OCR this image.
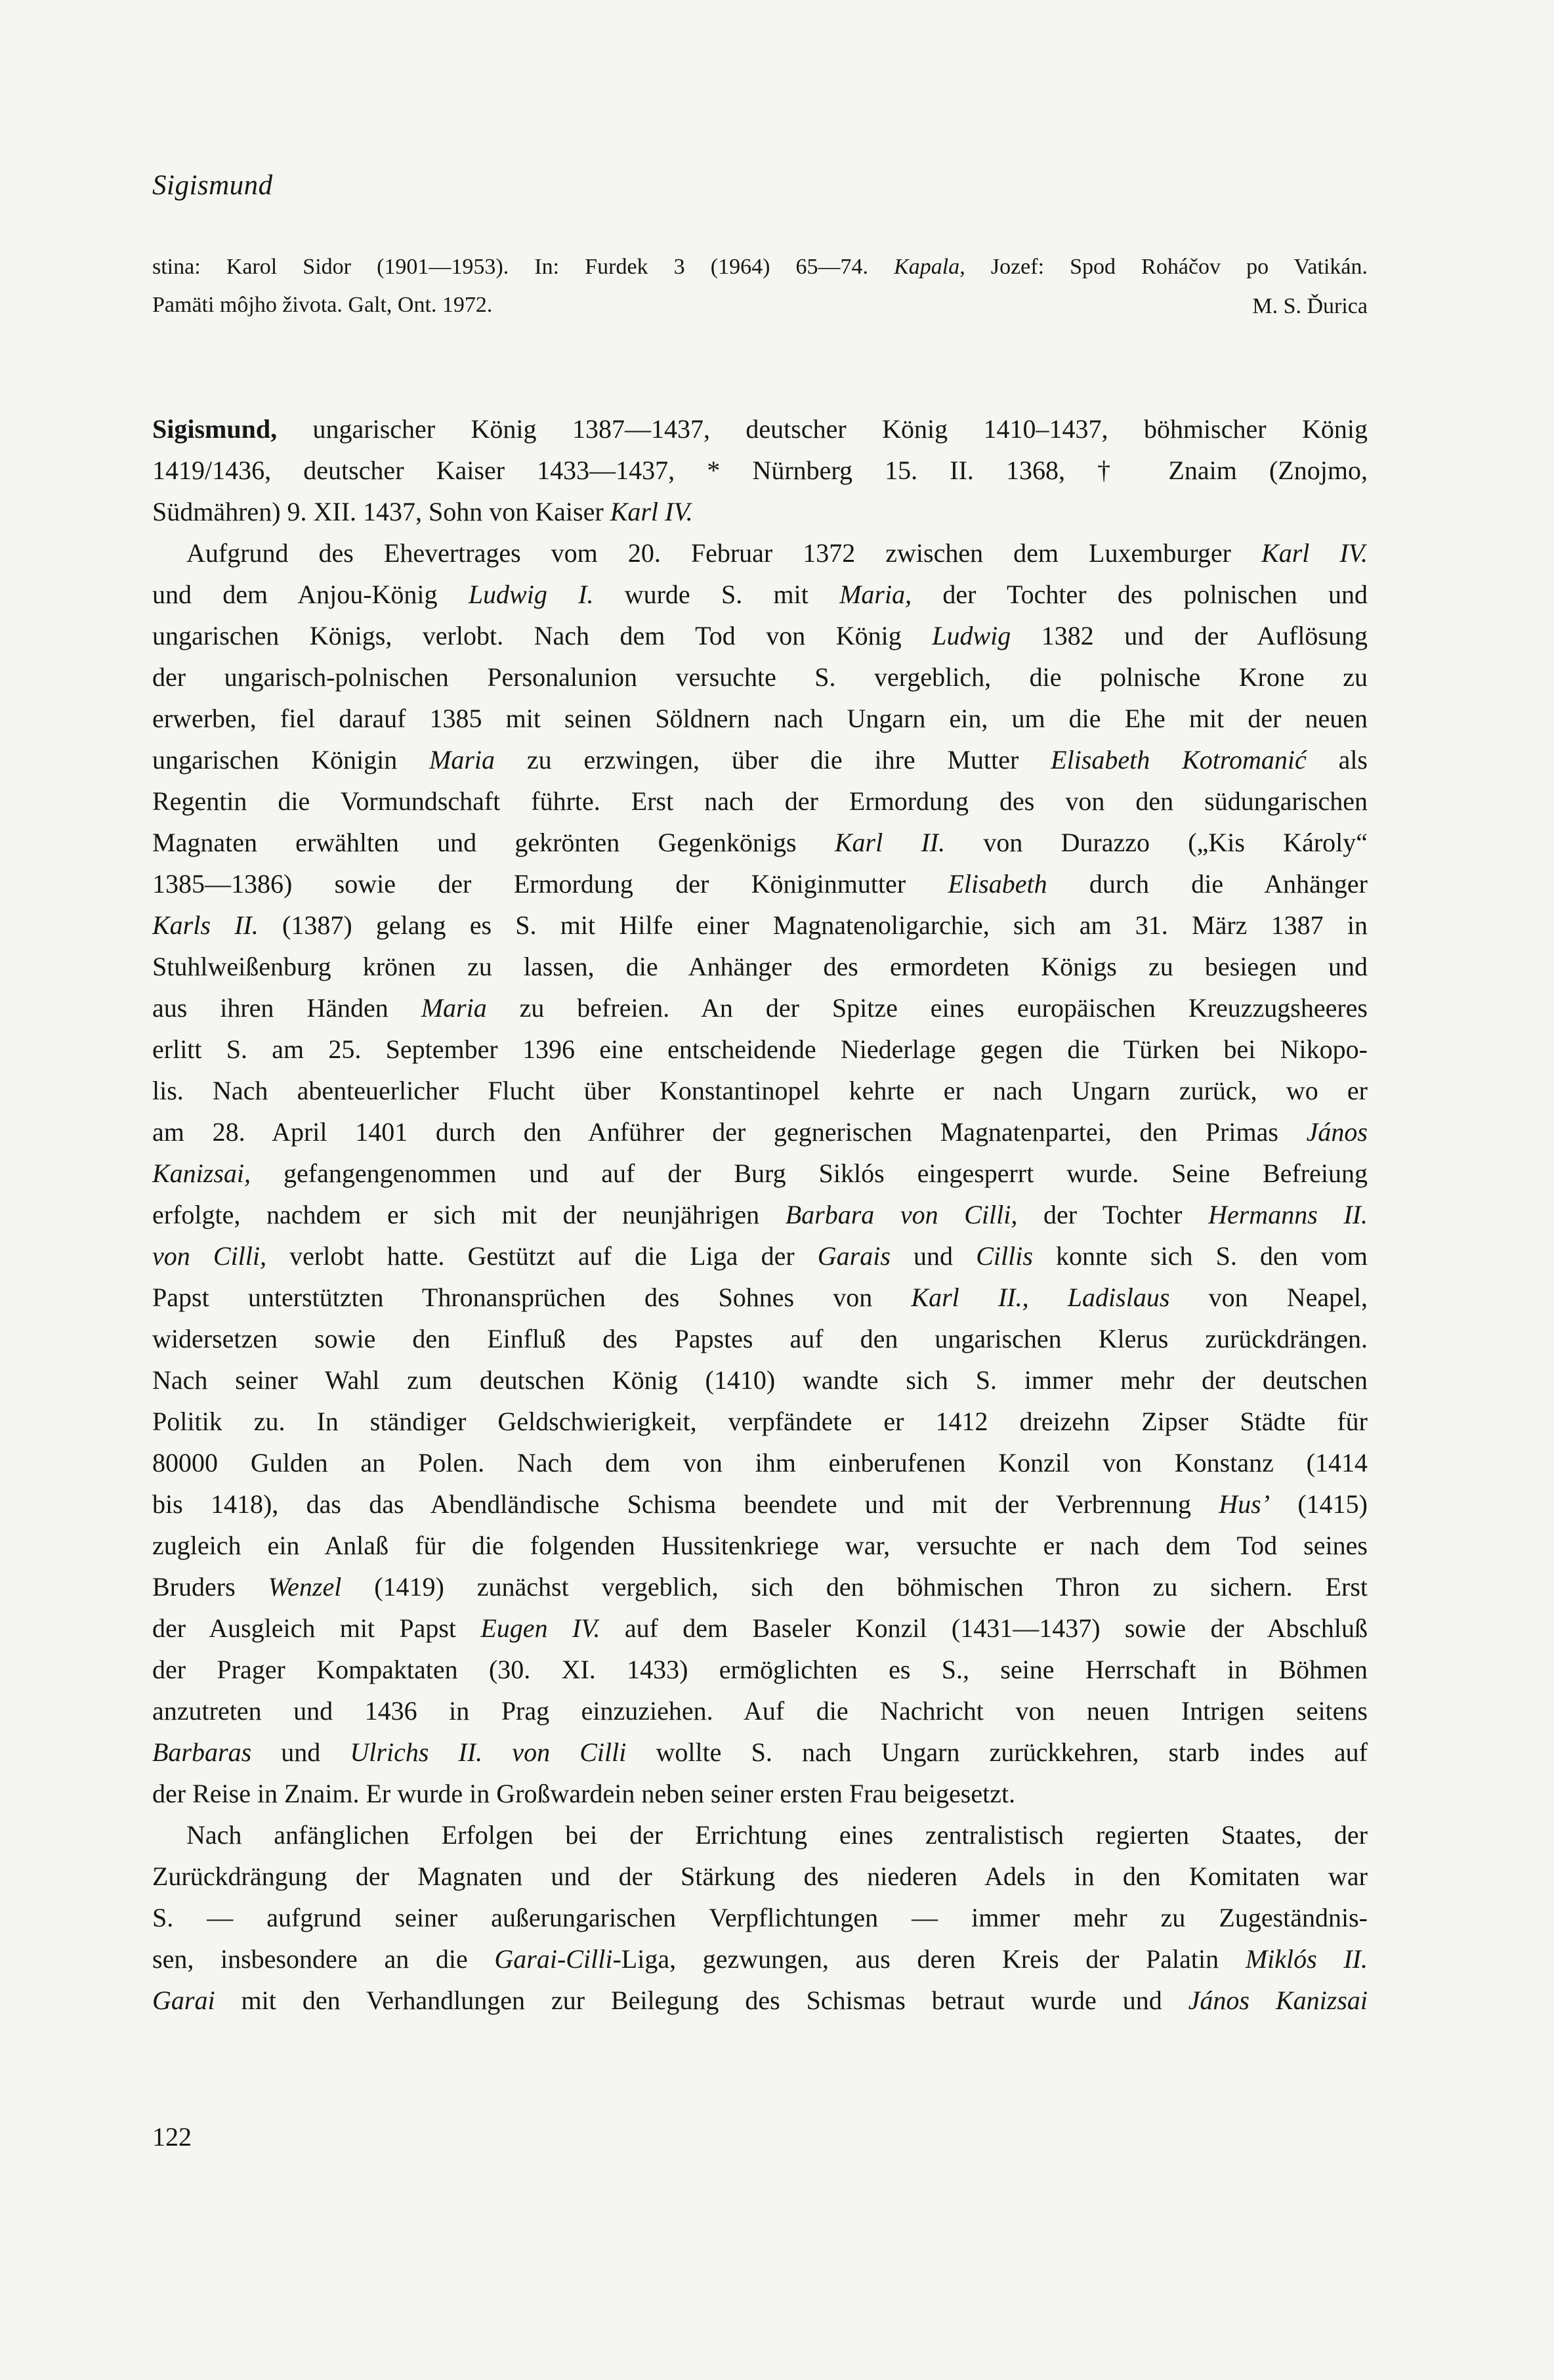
Sigismund
stina: Karol Sidor (1901—1953). In: Furdek 3 (1964) 65—74. Kapala, Jozef: Spod Roháčov po Vatikán.
Pamäti môjho života. Galt, Ont. 1972.	M. S. Ďurica
Sigismund, ungarischer König 1387—1437, deutscher König 1410–1437, böhmischer König
1419/1436, deutscher Kaiser 1433—1437, * Nürnberg 15. II. 1368, † Znaim (Znojmo,
Südmähren) 9. XII. 1437, Sohn von Kaiser Karl IV.
Aufgrund des Ehevertrages vom 20. Februar 1372 zwischen dem Luxemburger Karl IV.
und dem Anjou-König Ludwig I. wurde S. mit Maria, der Tochter des polnischen und
ungarischen Königs, verlobt. Nach dem Tod von König Ludwig 1382 und der Auflösung
der ungarisch-polnischen Personalunion versuchte S. vergeblich, die polnische Krone zu
erwerben, fiel darauf 1385 mit seinen Söldnern nach Ungarn ein, um die Ehe mit der neuen
ungarischen Königin Maria zu erzwingen, über die ihre Mutter Elisabeth Kotromanić als
Regentin die Vormundschaft führte. Erst nach der Ermordung des von den südungarischen
Magnaten erwählten und gekrönten Gegenkönigs Karl II. von Durazzo („Kis Károly“
1385—1386) sowie der Ermordung der Königinmutter Elisabeth durch die Anhänger
Karls II. (1387) gelang es S. mit Hilfe einer Magnatenoligarchie, sich am 31. März 1387 in
Stuhlweißenburg krönen zu lassen, die Anhänger des ermordeten Königs zu besiegen und
aus ihren Händen Maria zu befreien. An der Spitze eines europäischen Kreuzzugsheeres
erlitt S. am 25. September 1396 eine entscheidende Niederlage gegen die Türken bei Nikopo-
lis. Nach abenteuerlicher Flucht über Konstantinopel kehrte er nach Ungarn zurück, wo er
am 28. April 1401 durch den Anführer der gegnerischen Magnatenpartei, den Primas János
Kanizsai, gefangengenommen und auf der Burg Siklós eingesperrt wurde. Seine Befreiung
erfolgte, nachdem er sich mit der neunjährigen Barbara von Cilli, der Tochter Hermanns II.
von Cilli, verlobt hatte. Gestützt auf die Liga der Garais und Cillis konnte sich S. den vom
Papst unterstützten Thronansprüchen des Sohnes von Karl II., Ladislaus von Neapel,
widersetzen sowie den Einfluß des Papstes auf den ungarischen Klerus zurückdrängen.
Nach seiner Wahl zum deutschen König (1410) wandte sich S. immer mehr der deutschen
Politik zu. In ständiger Geldschwierigkeit, verpfändete er 1412 dreizehn Zipser Städte für
80000 Gulden an Polen. Nach dem von ihm einberufenen Konzil von Konstanz (1414
bis 1418), das das Abendländische Schisma beendete und mit der Verbrennung Hus’ (1415)
zugleich ein Anlaß für die folgenden Hussitenkriege war, versuchte er nach dem Tod seines
Bruders Wenzel (1419) zunächst vergeblich, sich den böhmischen Thron zu sichern. Erst
der Ausgleich mit Papst Eugen IV. auf dem Baseler Konzil (1431—1437) sowie der Abschluß
der Prager Kompaktaten (30. XI. 1433) ermöglichten es S., seine Herrschaft in Böhmen
anzutreten und 1436 in Prag einzuziehen. Auf die Nachricht von neuen Intrigen seitens
Barbaras und Ulrichs II. von Cilli wollte S. nach Ungarn zurückkehren, starb indes auf
der Reise in Znaim. Er wurde in Großwardein neben seiner ersten Frau beigesetzt.
Nach anfänglichen Erfolgen bei der Errichtung eines zentralistisch regierten Staates, der
Zurückdrängung der Magnaten und der Stärkung des niederen Adels in den Komitaten war
S. — aufgrund seiner außerungarischen Verpflichtungen — immer mehr zu Zugeständnis-
sen, insbesondere an die Garai-Cilli-Liga, gezwungen, aus deren Kreis der Palatin Miklós II.
Garai mit den Verhandlungen zur Beilegung des Schismas betraut wurde und János Kanizsai
122
